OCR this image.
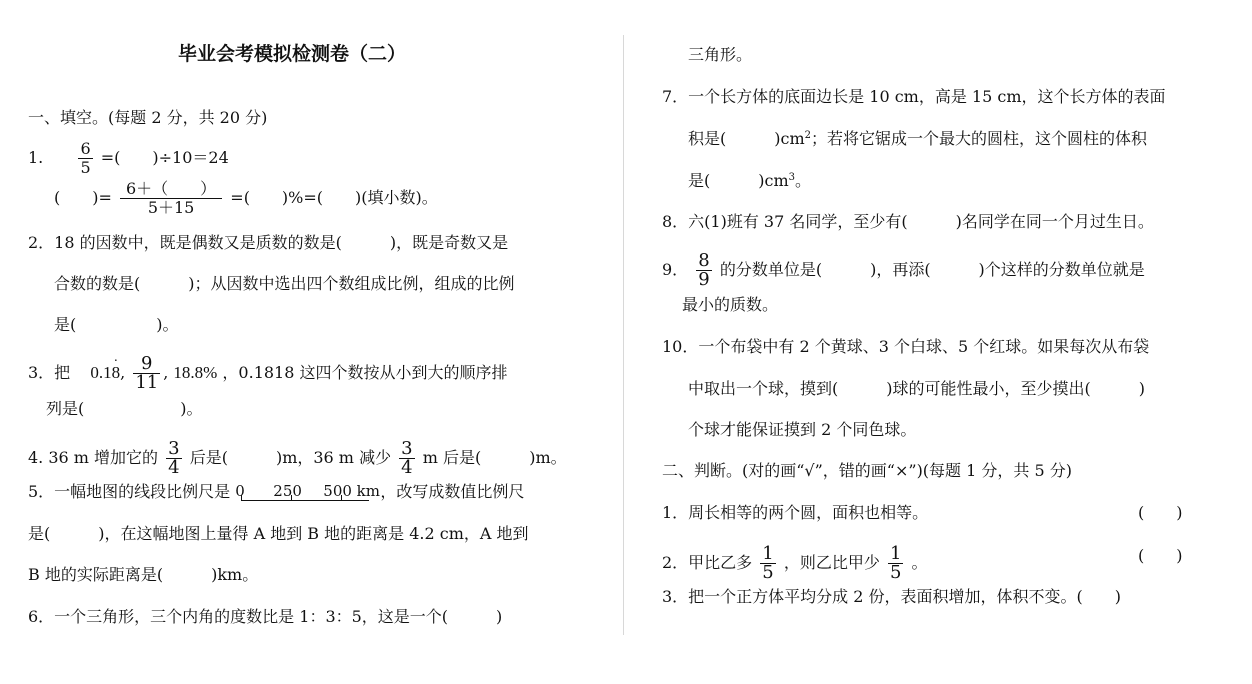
毕业会考模拟检测卷（二）
一、填空。(每题 2 分，共 20 分)
1. $\frac{6}{5}$ =(　　)÷10＝24
(　　)= $\frac{6+( )}{5+15}$ =(　　)%=(　　)(填小数)。
2．18 的因数中，既是偶数又是质数的数是(　　　)，既是奇数又是
合数的数是(　　　)；从因数中选出四个数组成比例，组成的比例
是(　　　　　)。
3．把 0.1· 8, $\frac{9}{11}$ , 18.8% ，0.1818 这四个数按从小到大的顺序排
列是(　　　　　　)。
4. 36 m 增加它的 $\frac{3}{4}$ 后是(　　　)m，36 m 减少 $\frac{3}{4}$ m 后是(　　　)m。
5．一幅地图的线段比例尺是 0 250 500 km ，改写成数值比例尺
是(　　　)，在这幅地图上量得 A 地到 B 地的距离是 4.2 cm，A 地到
B 地的实际距离是(　　　)km。
6．一个三角形，三个内角的度数比是 1：3：5，这是一个(　　　)
三角形。
7．一个长方体的底面边长是 10 cm，高是 15 cm，这个长方体的表面
积是(　　　)$cm^2$；若将它锯成一个最大的圆柱，这个圆柱的体积
是(　　　)$cm^3$。
8．六(1)班有 37 名同学，至少有(　　　)名同学在同一个月过生日。
9． $\frac{8}{9}$ 的分数单位是(　　　)，再添(　　　)个这样的分数单位就是
最小的质数。
10．一个布袋中有 2 个黄球、3 个白球、5 个红球。如果每次从布袋
中取出一个球，摸到(　　　)球的可能性最小，至少摸出(　　　)
个球才能保证摸到 2 个同色球。
二、判断。(对的画“√”，错的画“×”)(每题 1 分，共 5 分)
1．周长相等的两个圆，面积也相等。	(　　)
2．甲比乙多 $\frac{1}{5}$ ，则乙比甲少 $\frac{1}{5}$ 。	(　　)
3．把一个正方体平均分成 2 份，表面积增加，体积不变。(　　)
